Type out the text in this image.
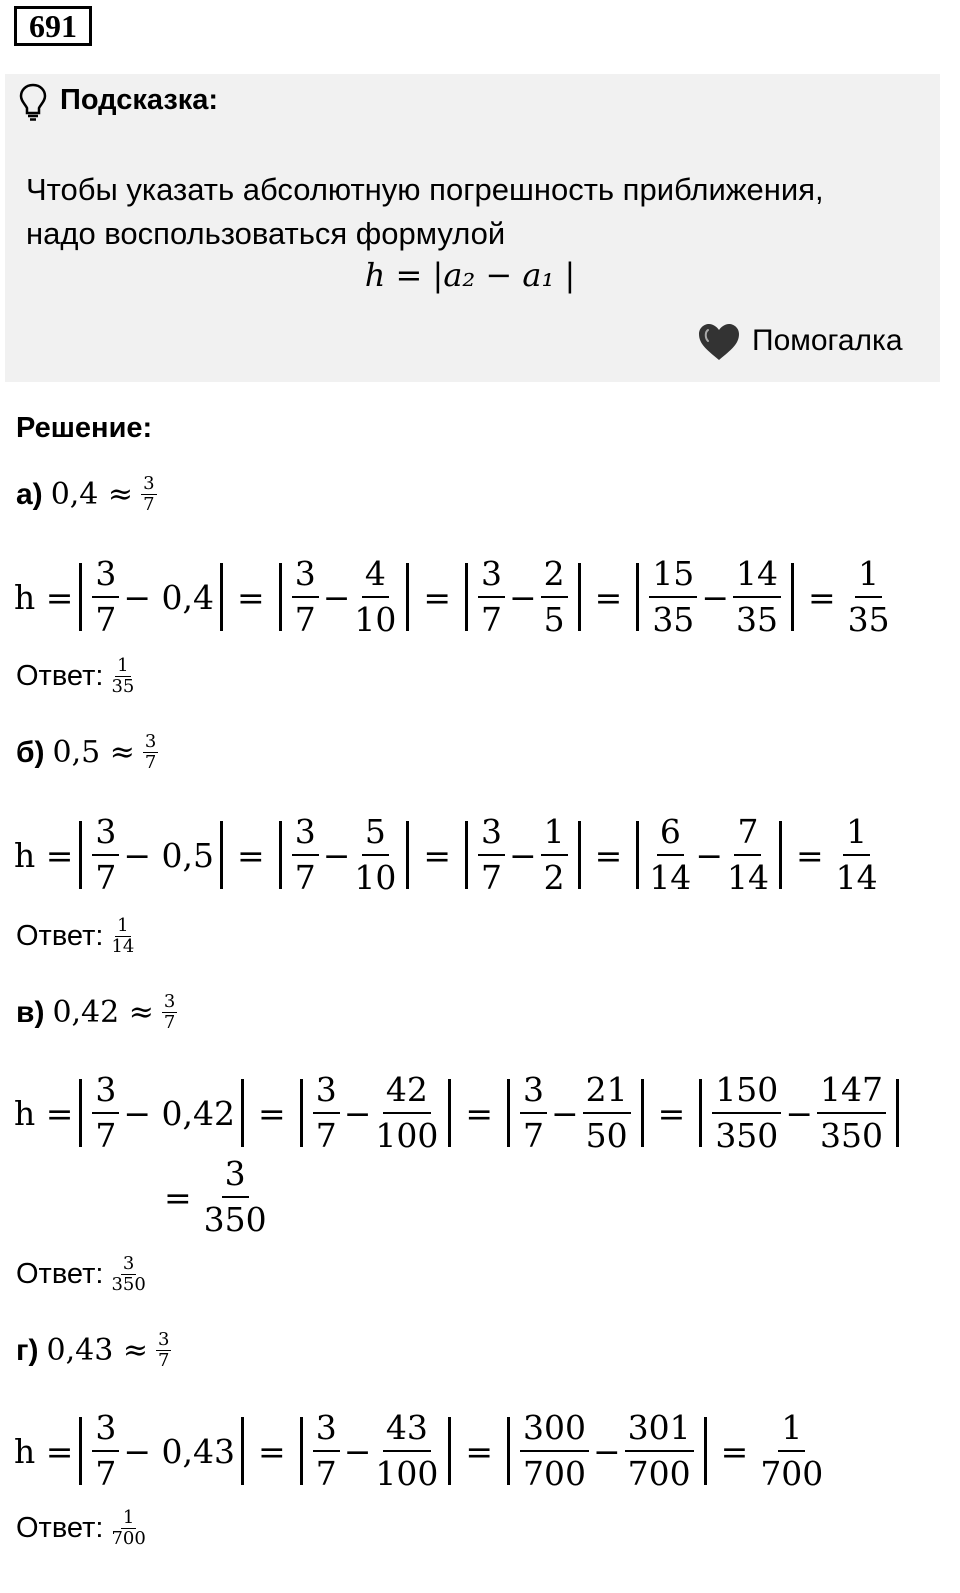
691
Подсказка:
Чтобы указать абсолютную погрешность приближения,
надо воспользоваться формулой
h = |a₂ − a₁ |
Помогалка
Решение:
а) $0,4 \approx \frac{3}{7}$
$h = \frac{3}{7} - 0,4 = \frac{3}{7} - \frac{4}{10} = \frac{3}{7} - \frac{2}{5} = \frac{15}{35} - \frac{14}{35} = \frac{1}{35}$
Ответ: $\frac{1}{35}$
б) $0,5 \approx \frac{3}{7}$
$h = \frac{3}{7} - 0,5 = \frac{3}{7} - \frac{5}{10} = \frac{3}{7} - \frac{1}{2} = \frac{6}{14} - \frac{7}{14} = \frac{1}{14}$
Ответ: $\frac{1}{14}$
в) $0,42 \approx \frac{3}{7}$
$h = \frac{3}{7} - 0,42 = \frac{3}{7} - \frac{42}{100} = \frac{3}{7} - \frac{21}{50} = \frac{150}{350} - \frac{147}{350}$
= $\frac{3}{350}$
Ответ: $\frac{3}{350}$
г) $0,43 \approx \frac{3}{7}$
$h = \frac{3}{7} - 0,43 = \frac{3}{7} - \frac{43}{100} = \frac{300}{700} - \frac{301}{700} = \frac{1}{700}$
Ответ: $\frac{1}{700}$
